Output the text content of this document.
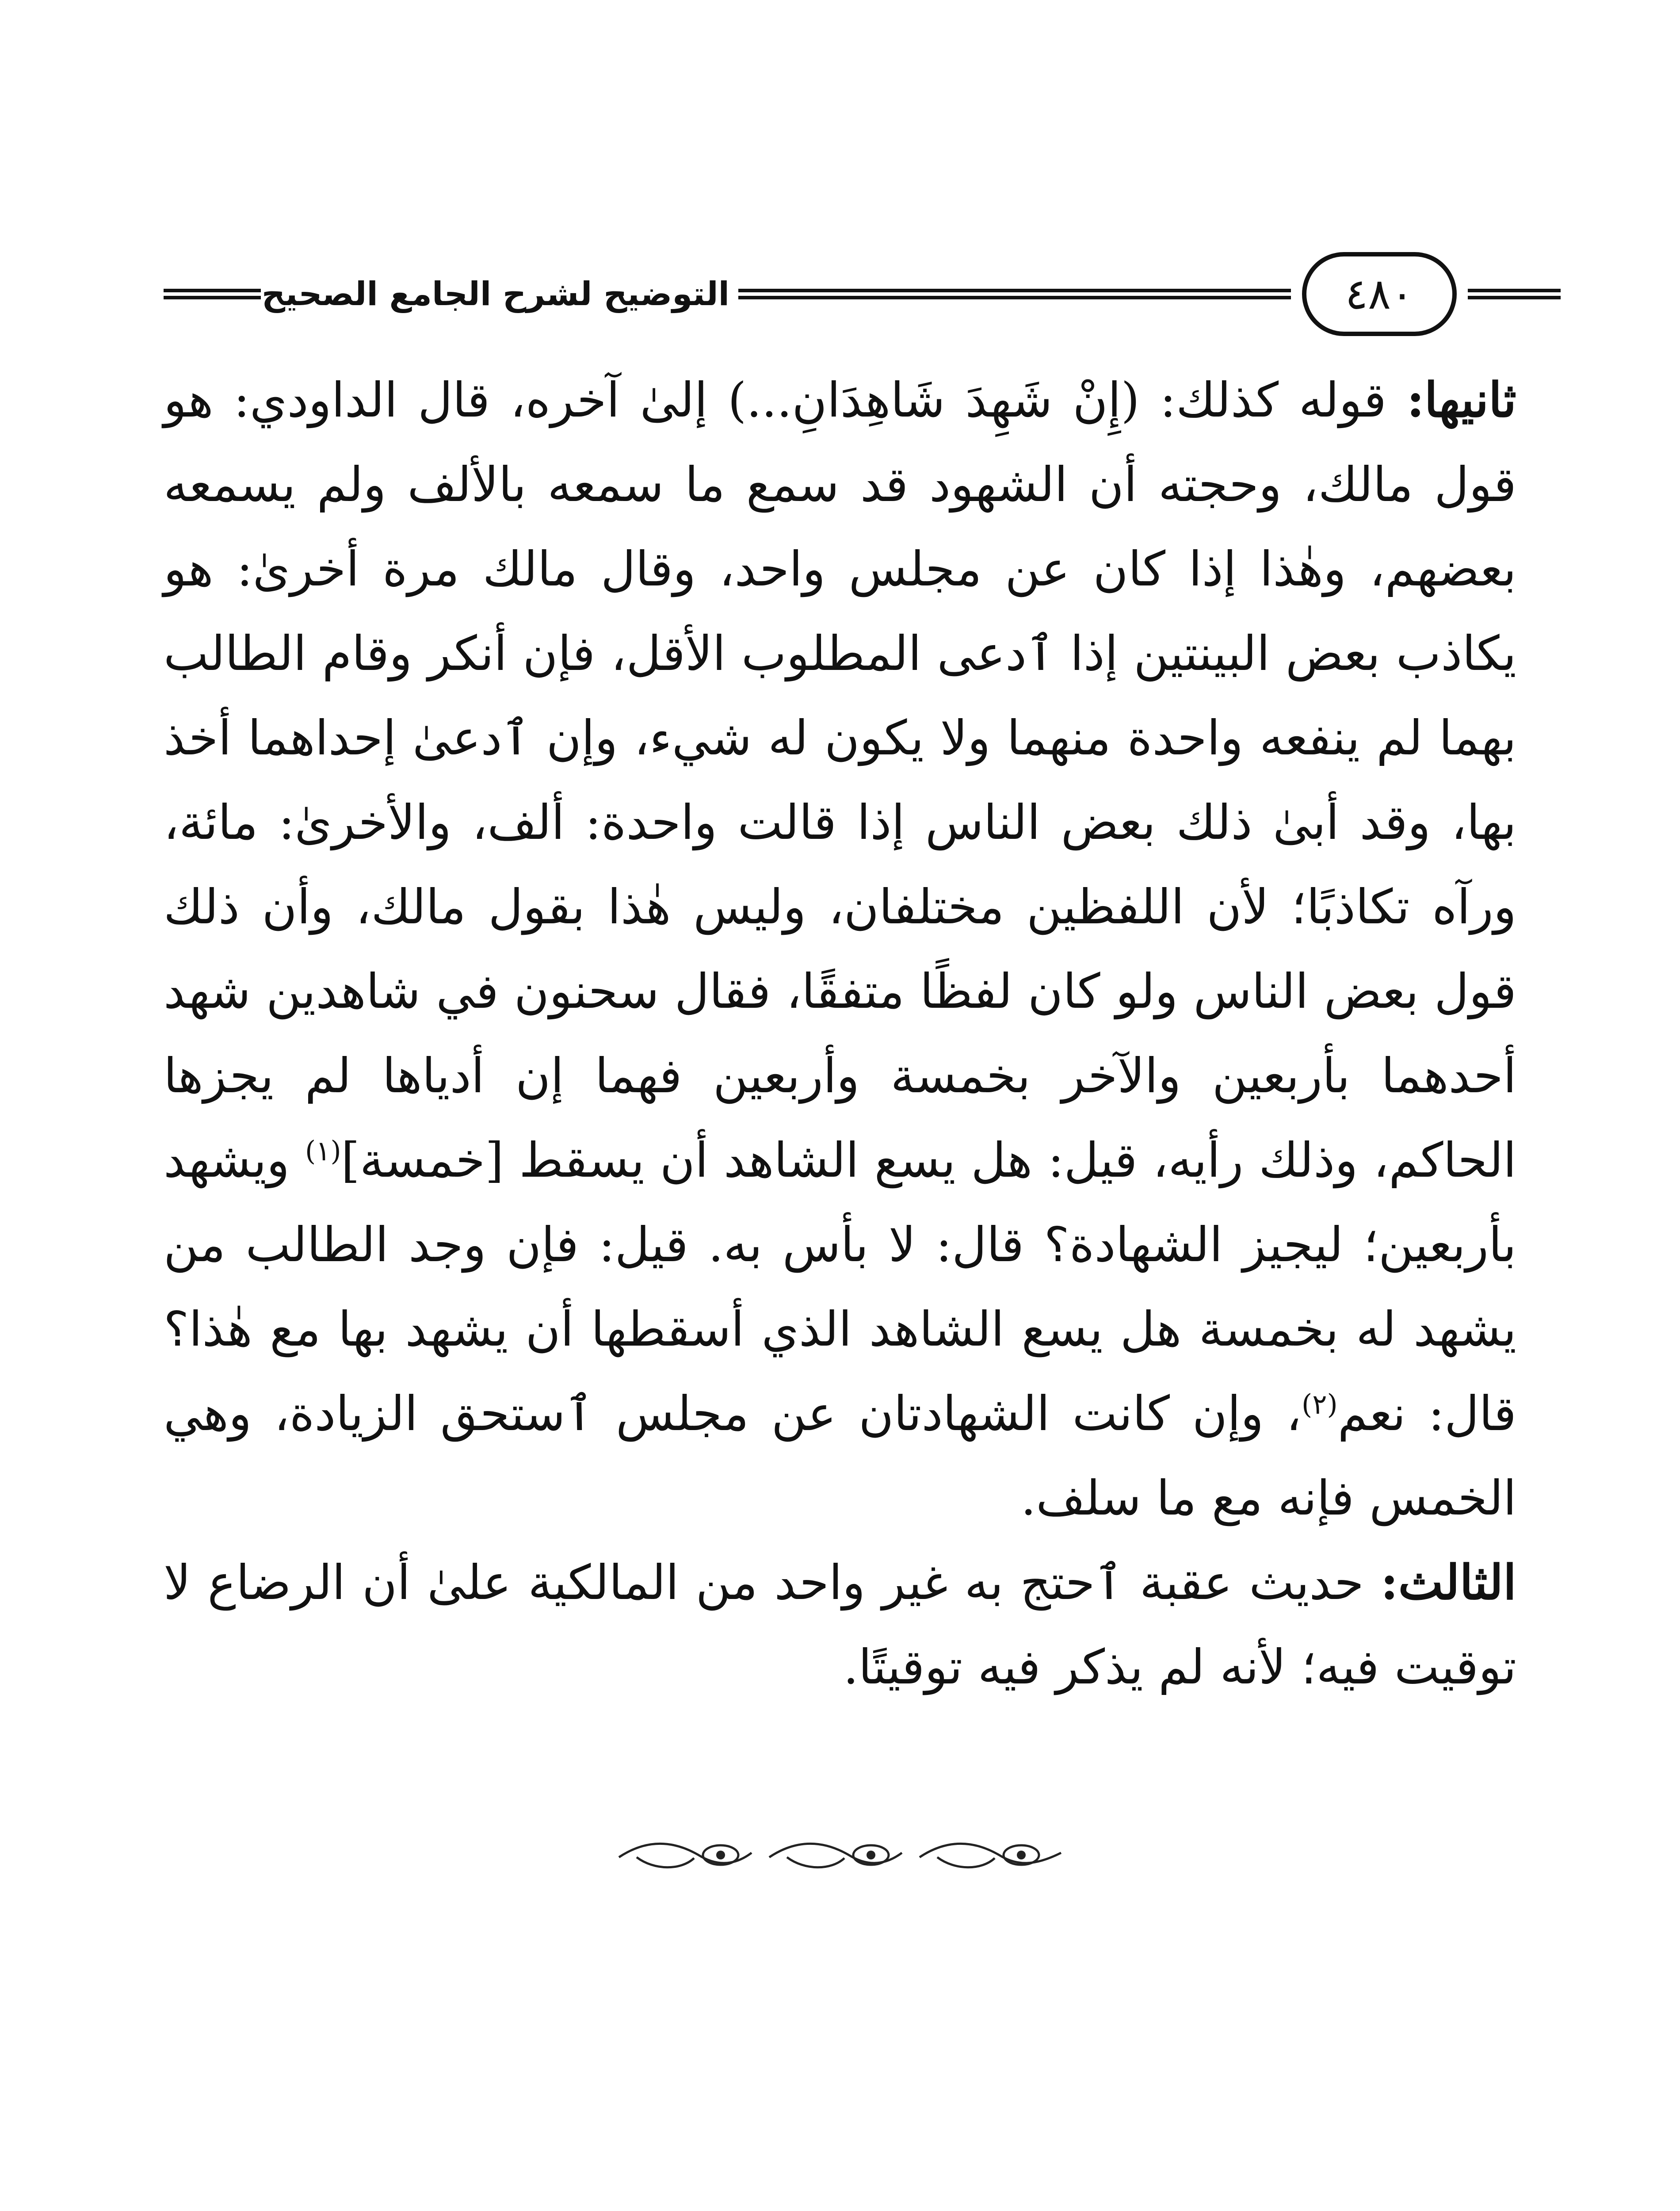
التوضيح لشرح الجامع الصحيح	٤٨٠

ثانيها: قوله كذلك: (إِنْ شَهِدَ شَاهِدَانِ...) إلىٰ آخره، قال الداودي: هو قول مالك، وحجته أن الشهود قد سمع ما سمعه بالألف ولم يسمعه بعضهم، وهٰذا إذا كان عن مجلس واحد، وقال مالك مرة أخرىٰ: هو يكاذب بعض البينتين إذا ٱدعى المطلوب الأقل، فإن أنكر وقام الطالب بهما لم ينفعه واحدة منهما ولا يكون له شيء، وإن ٱدعىٰ إحداهما أخذ بها، وقد أبىٰ ذلك بعض الناس إذا قالت واحدة: ألف، والأخرىٰ: مائة، ورآه تكاذبًا؛ لأن اللفظين مختلفان، وليس هٰذا بقول مالك، وأن ذلك قول بعض الناس ولو كان لفظًا متفقًا، فقال سحنون في شاهدين شهد أحدهما بأربعين والآخر بخمسة وأربعين فهما إن أدياها لم يجزها الحاكم، وذلك رأيه، قيل: هل يسع الشاهد أن يسقط [خمسة]$^{(١)}$ ويشهد بأربعين؛ ليجيز الشهادة؟ قال: لا بأس به. قيل: فإن وجد الطالب من يشهد له بخمسة هل يسع الشاهد الذي أسقطها أن يشهد بها مع هٰذا؟ قال: نعم$^{(٢)}$، وإن كانت الشهادتان عن مجلس ٱستحق الزيادة، وهي الخمس فإنه مع ما سلف.

الثالث: حديث عقبة ٱحتج به غير واحد من المالكية علىٰ أن الرضاع لا توقيت فيه؛ لأنه لم يذكر فيه توقيتًا.
